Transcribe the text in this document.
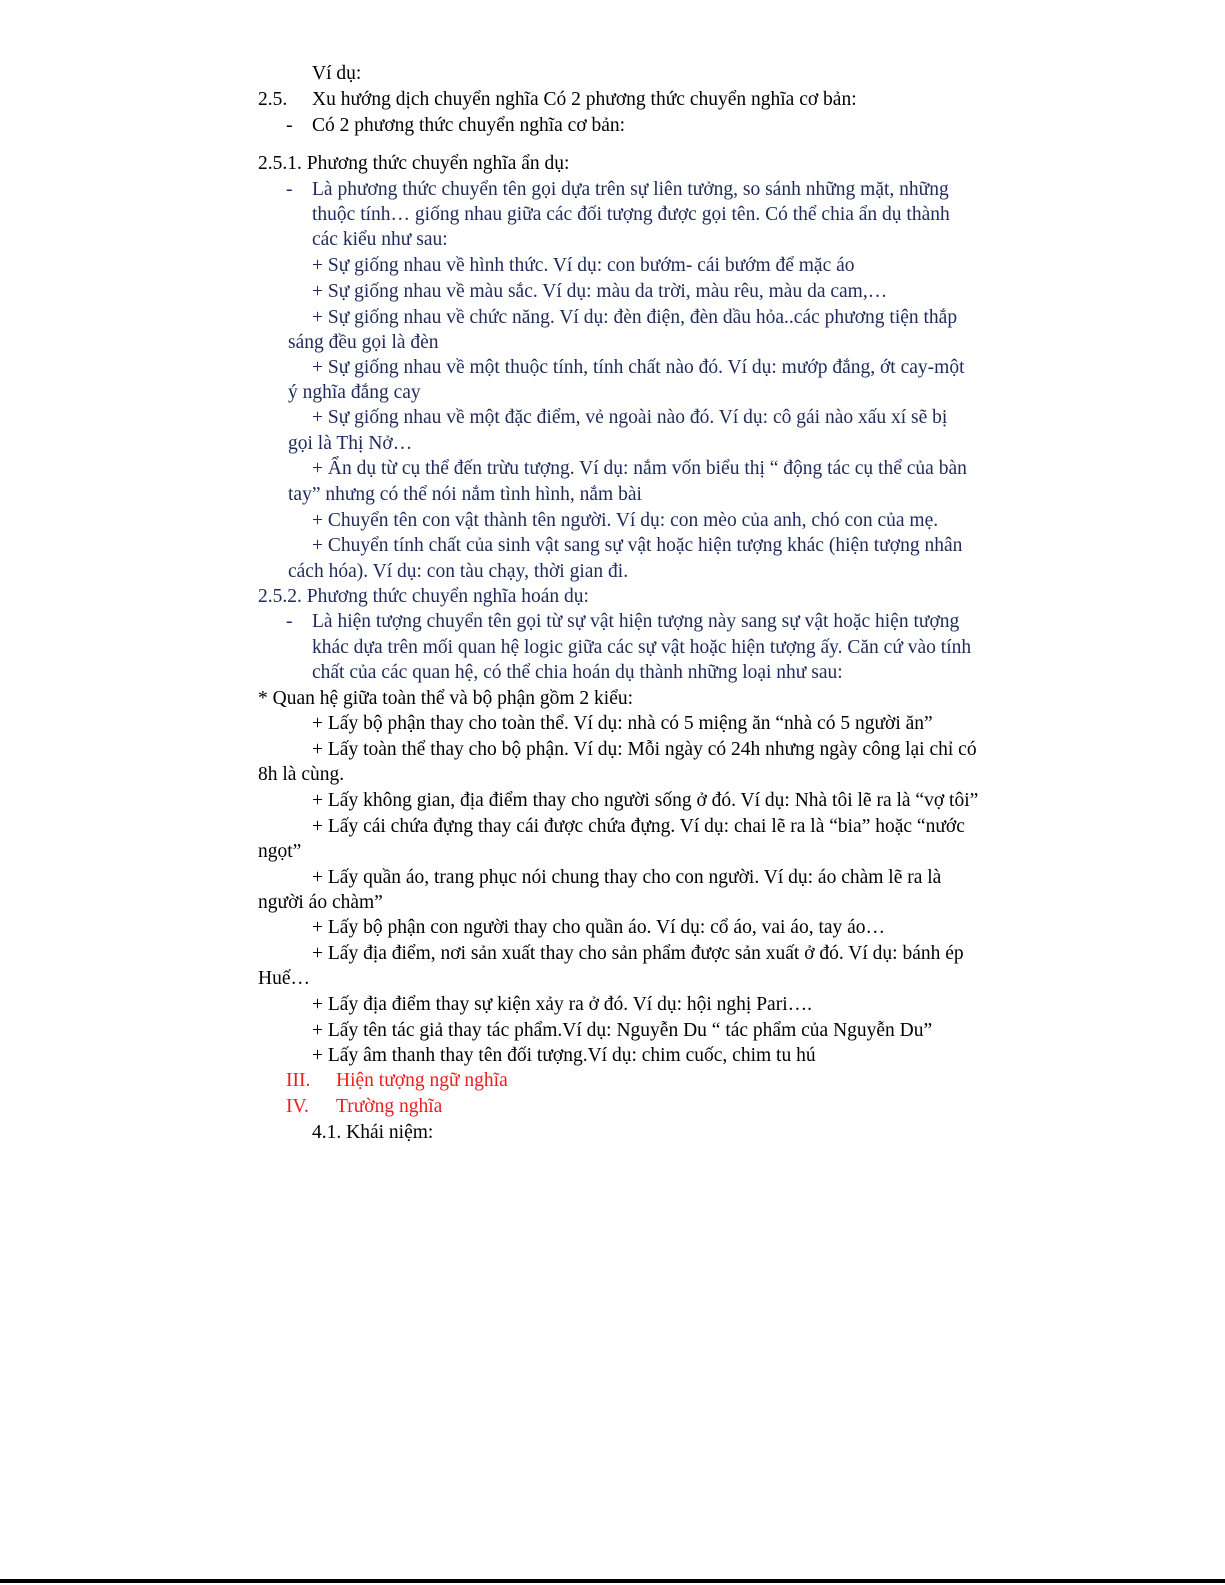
Ví dụ:
2.5. Xu hướng dịch chuyển nghĩa Có 2 phương thức chuyển nghĩa cơ bản:
- Có 2 phương thức chuyển nghĩa cơ bản:
2.5.1. Phương thức chuyển nghĩa ẩn dụ:
- Là phương thức chuyển tên gọi dựa trên sự liên tưởng, so sánh những mặt, những
thuộc tính… giống nhau giữa các đối tượng được gọi tên. Có thể chia ẩn dụ thành
các kiểu như sau:
+ Sự giống nhau về hình thức. Ví dụ: con bướm- cái bướm để mặc áo
+ Sự giống nhau về màu sắc. Ví dụ: màu da trời, màu rêu, màu da cam,…
+ Sự giống nhau về chức năng. Ví dụ: đèn điện, đèn dầu hỏa..các phương tiện thắp
sáng đều gọi là đèn
+ Sự giống nhau về một thuộc tính, tính chất nào đó. Ví dụ: mướp đắng, ớt cay-một
ý nghĩa đắng cay
+ Sự giống nhau về một đặc điểm, vẻ ngoài nào đó. Ví dụ: cô gái nào xấu xí sẽ bị
gọi là Thị Nở…
+ Ẩn dụ từ cụ thể đến trừu tượng. Ví dụ: nắm vốn biểu thị “ động tác cụ thể của bàn
tay” nhưng có thể nói nắm tình hình, nắm bài
+ Chuyển tên con vật thành tên người. Ví dụ: con mèo của anh, chó con của mẹ.
+ Chuyển tính chất của sinh vật sang sự vật hoặc hiện tượng khác (hiện tượng nhân
cách hóa). Ví dụ: con tàu chạy, thời gian đi.
2.5.2. Phương thức chuyển nghĩa hoán dụ:
- Là hiện tượng chuyển tên gọi từ sự vật hiện tượng này sang sự vật hoặc hiện tượng
khác dựa trên mối quan hệ logic giữa các sự vật hoặc hiện tượng ấy. Căn cứ vào tính
chất của các quan hệ, có thể chia hoán dụ thành những loại như sau:
* Quan hệ giữa toàn thể và bộ phận gồm 2 kiểu:
+ Lấy bộ phận thay cho toàn thể. Ví dụ: nhà có 5 miệng ăn “nhà có 5 người ăn”
+ Lấy toàn thể thay cho bộ phận. Ví dụ: Mỗi ngày có 24h nhưng ngày công lại chỉ có
8h là cùng.
+ Lấy không gian, địa điểm thay cho người sống ở đó. Ví dụ: Nhà tôi lẽ ra là “vợ tôi”
+ Lấy cái chứa đựng thay cái được chứa đựng. Ví dụ: chai lẽ ra là “bia” hoặc “nước
ngọt”
+ Lấy quần áo, trang phục nói chung thay cho con người. Ví dụ: áo chàm lẽ ra là
người áo chàm”
+ Lấy bộ phận con người thay cho quần áo. Ví dụ: cổ áo, vai áo, tay áo…
+ Lấy địa điểm, nơi sản xuất thay cho sản phẩm được sản xuất ở đó. Ví dụ: bánh ép
Huế…
+ Lấy địa điểm thay sự kiện xảy ra ở đó. Ví dụ: hội nghị Pari….
+ Lấy tên tác giả thay tác phẩm.Ví dụ: Nguyễn Du “ tác phẩm của Nguyễn Du”
+ Lấy âm thanh thay tên đối tượng.Ví dụ: chim cuốc, chim tu hú
III. Hiện tượng ngữ nghĩa
IV. Trường nghĩa
4.1. Khái niệm:
